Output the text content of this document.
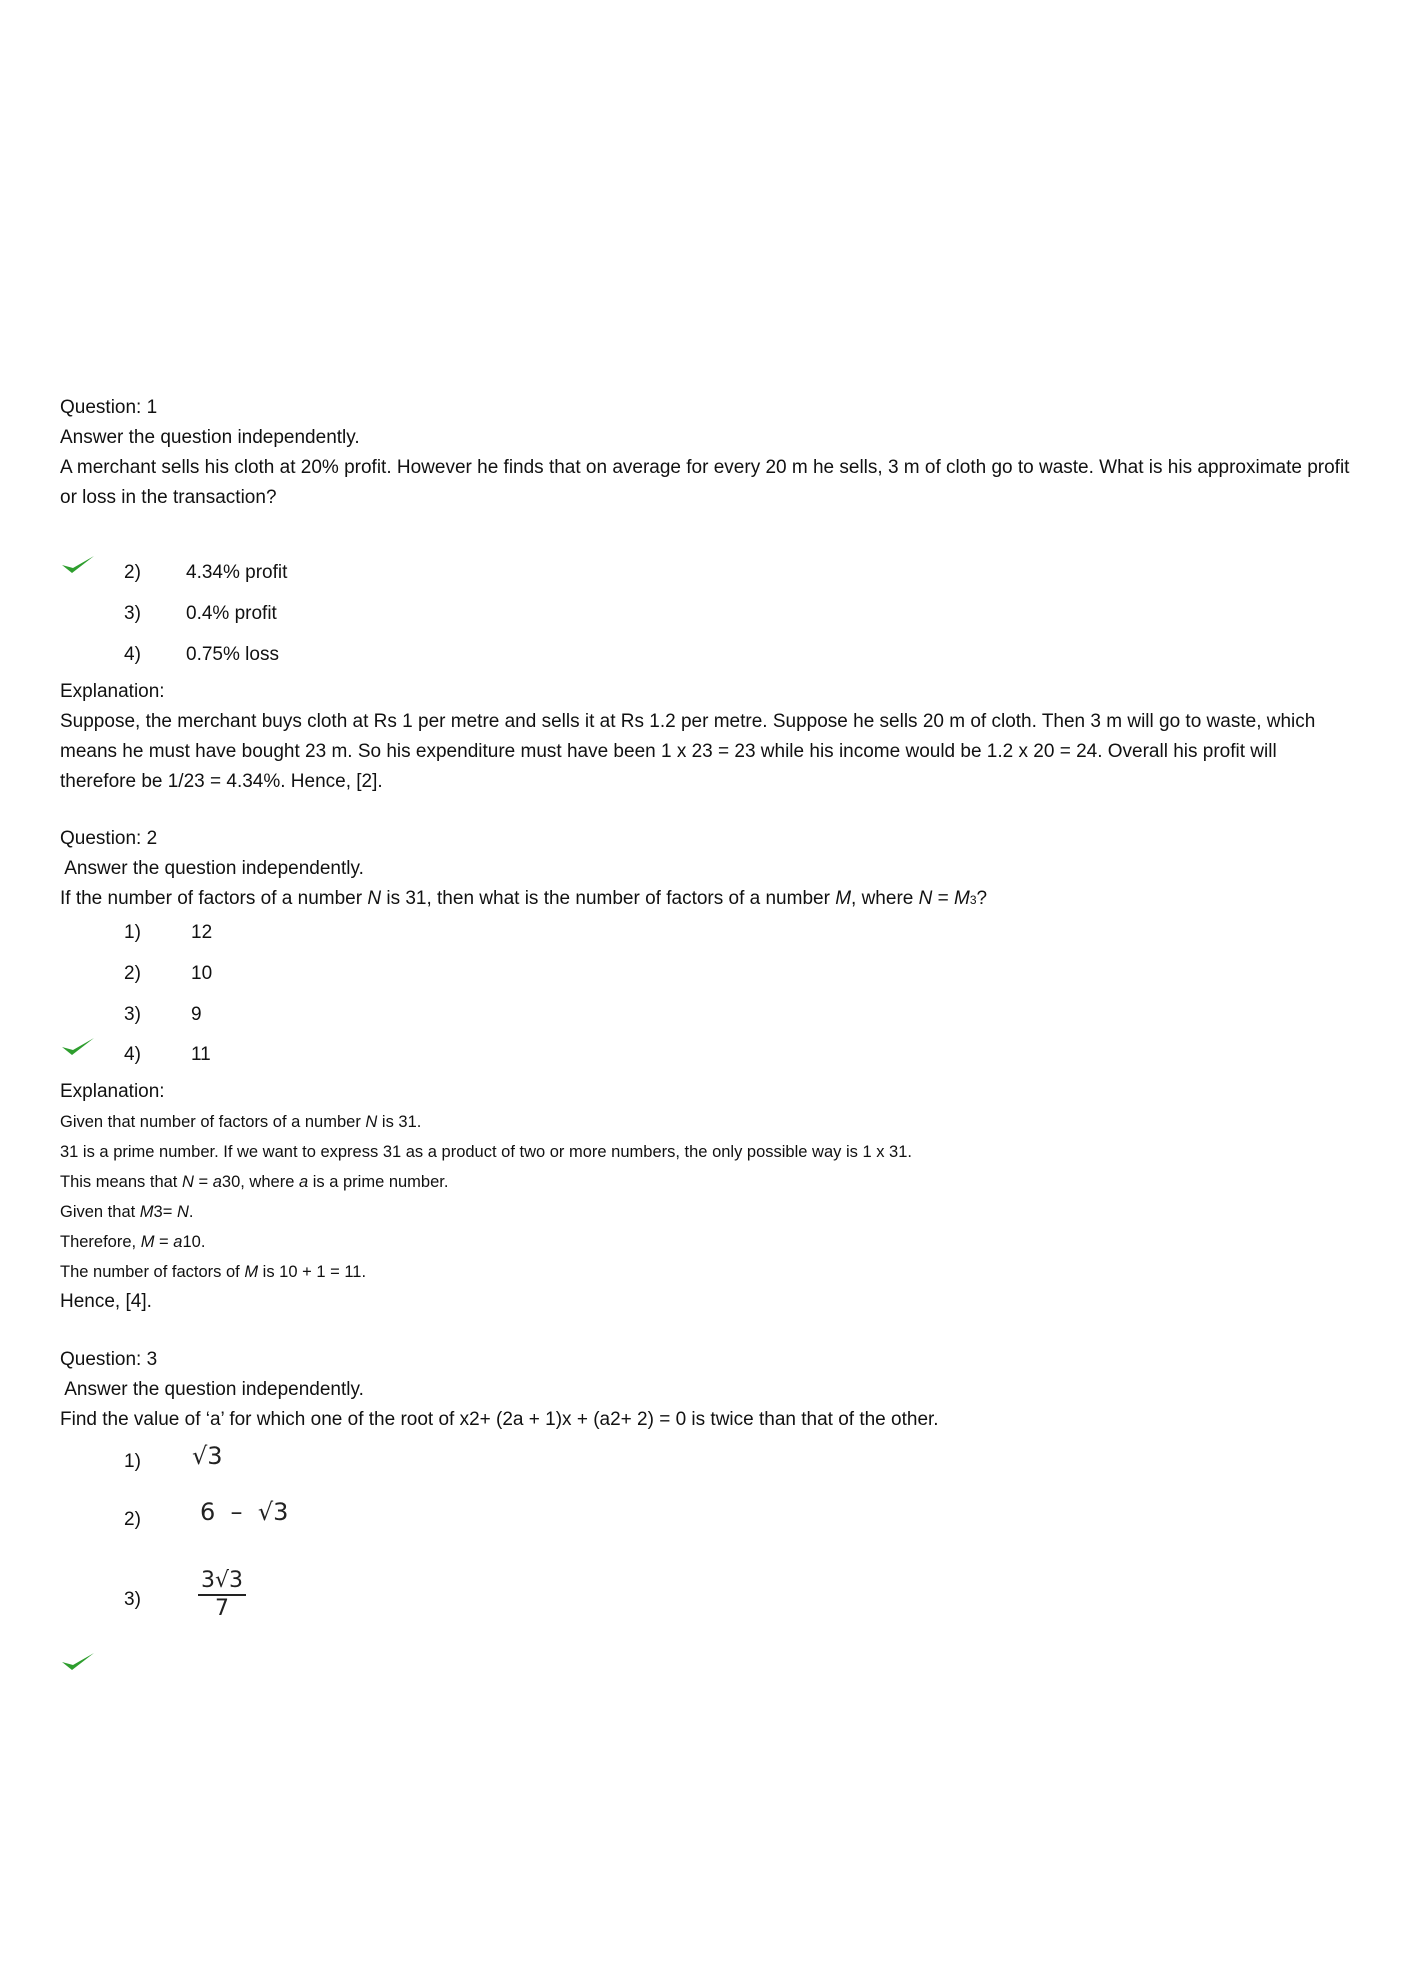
Question: 1
Answer the question independently.
A merchant sells his cloth at 20% profit. However he finds that on average for every 20 m he sells, 3 m of cloth go to waste. What is his approximate profit or loss in the transaction?
2) 4.34% profit
3) 0.4% profit
4) 0.75% loss
Explanation:
Suppose, the merchant buys cloth at Rs 1 per metre and sells it at Rs 1.2 per metre. Suppose he sells 20 m of cloth. Then 3 m will go to waste, which means he must have bought 23 m. So his expenditure must have been 1 x 23 = 23 while his income would be 1.2 x 20 = 24. Overall his profit will therefore be 1/23 = 4.34%. Hence, [2].
Question: 2
Answer the question independently.
If the number of factors of a number N is 31, then what is the number of factors of a number M, where N = M3?
1)	12
2)	10
3)	9
4)	11
Explanation:
Given that number of factors of a number N is 31.
31 is a prime number. If we want to express 31 as a product of two or more numbers, the only possible way is 1 x 31.
This means that N = a30, where a is a prime number.
Given that M3= N.
Therefore, M = a10.
The number of factors of M is 10 + 1 = 11.
Hence, [4].
Question: 3
Answer the question independently.
Find the value of ‘a’ for which one of the root of x2+ (2a + 1)x + (a2+ 2) = 0 is twice than that of the other.
1) √3
2) 6 – √3
3)	$\frac{3√3}{7}$
